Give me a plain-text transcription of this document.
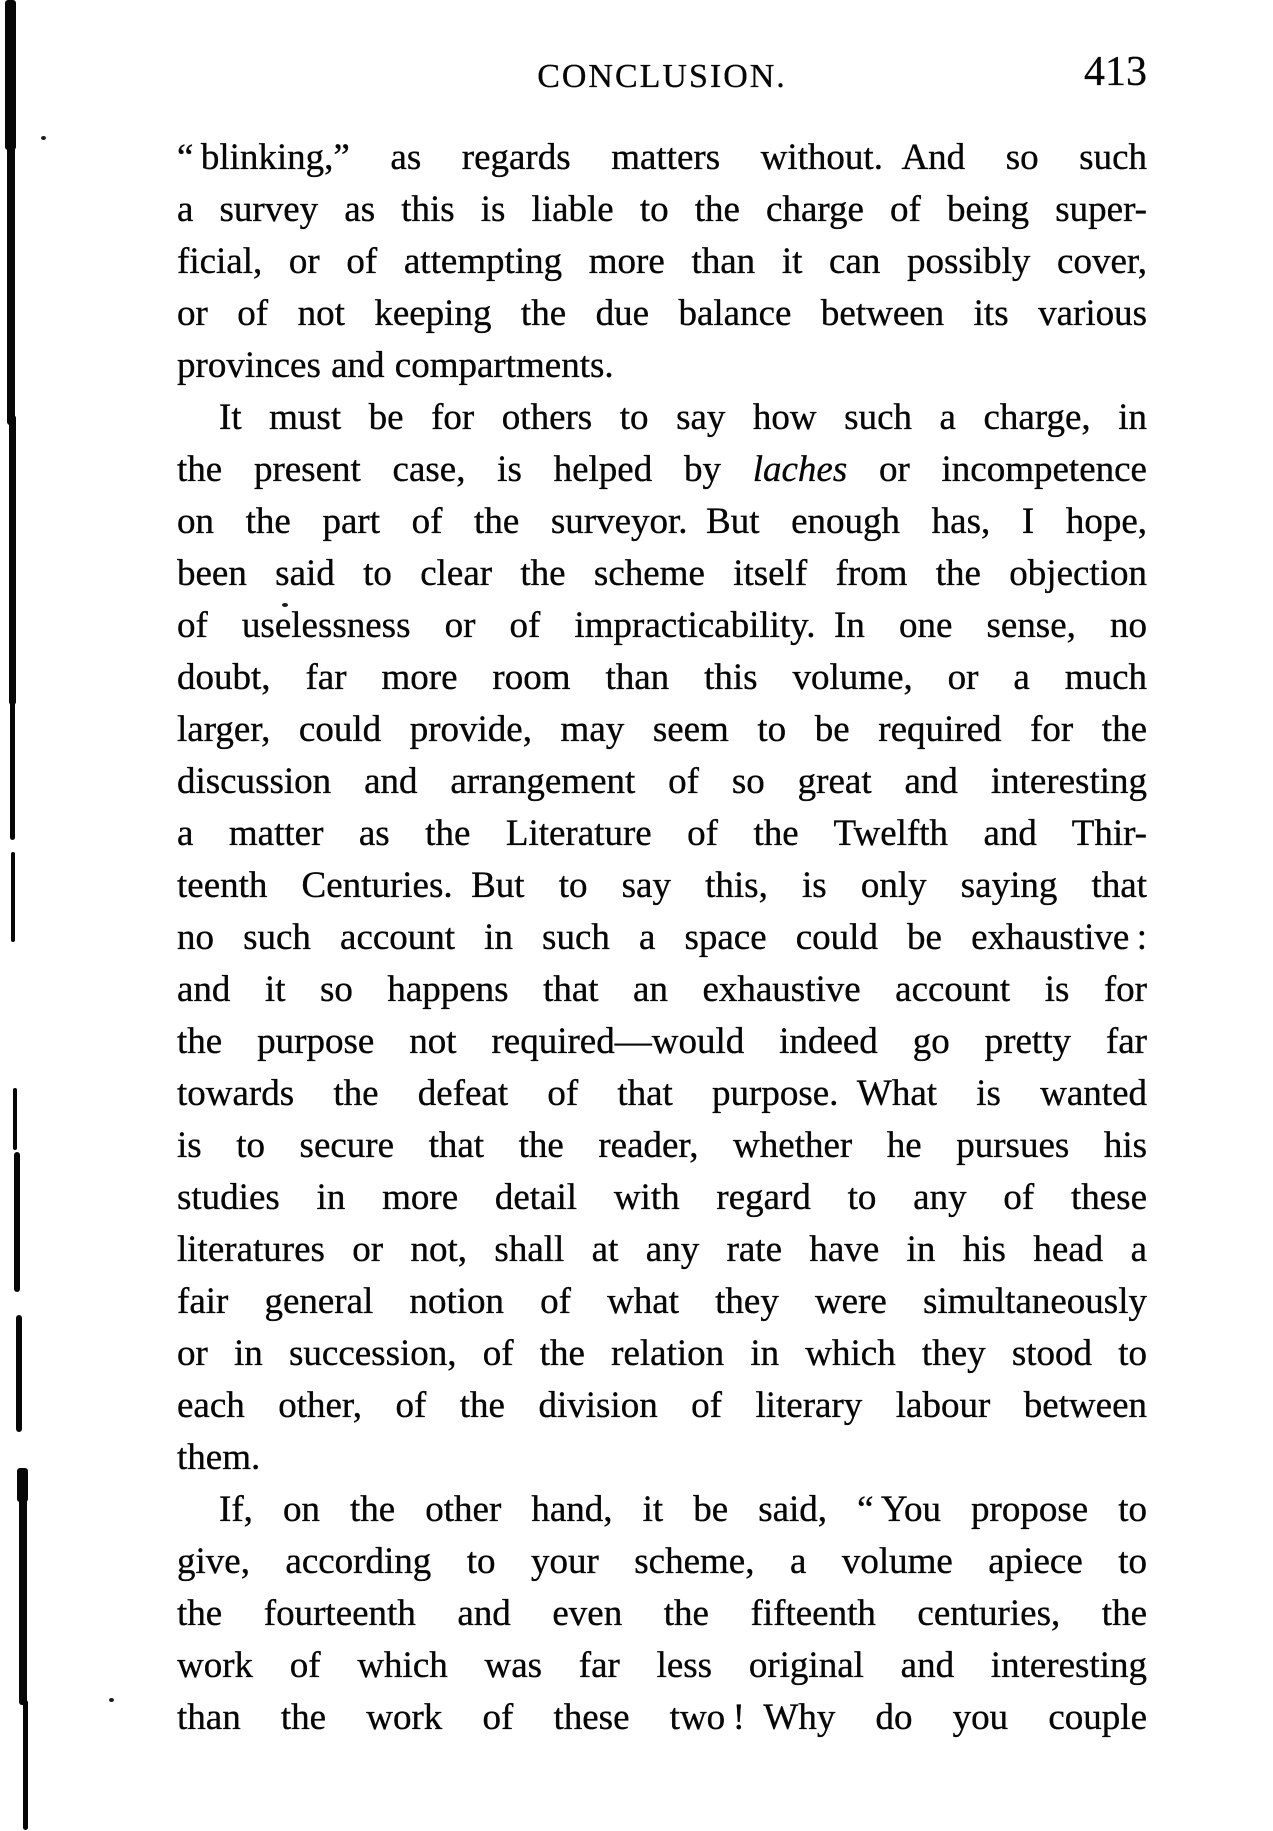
CONCLUSION.	413
“ blinking,” as regards matters without. And so such
a survey as this is liable to the charge of being super-
ficial, or of attempting more than it can possibly cover,
or of not keeping the due balance between its various
provinces and compartments.
It must be for others to say how such a charge, in
the present case, is helped by laches or incompetence
on the part of the surveyor. But enough has, I hope,
been said to clear the scheme itself from the objection
of uselessness or of impracticability. In one sense, no
doubt, far more room than this volume, or a much
larger, could provide, may seem to be required for the
discussion and arrangement of so great and interesting
a matter as the Literature of the Twelfth and Thir-
teenth Centuries. But to say this, is only saying that
no such account in such a space could be exhaustive :
and it so happens that an exhaustive account is for
the purpose not required—would indeed go pretty far
towards the defeat of that purpose. What is wanted
is to secure that the reader, whether he pursues his
studies in more detail with regard to any of these
literatures or not, shall at any rate have in his head a
fair general notion of what they were simultaneously
or in succession, of the relation in which they stood to
each other, of the division of literary labour between
them.
If, on the other hand, it be said, “ You propose to
give, according to your scheme, a volume apiece to
the fourteenth and even the fifteenth centuries, the
work of which was far less original and interesting
than the work of these two ! Why do you couple
